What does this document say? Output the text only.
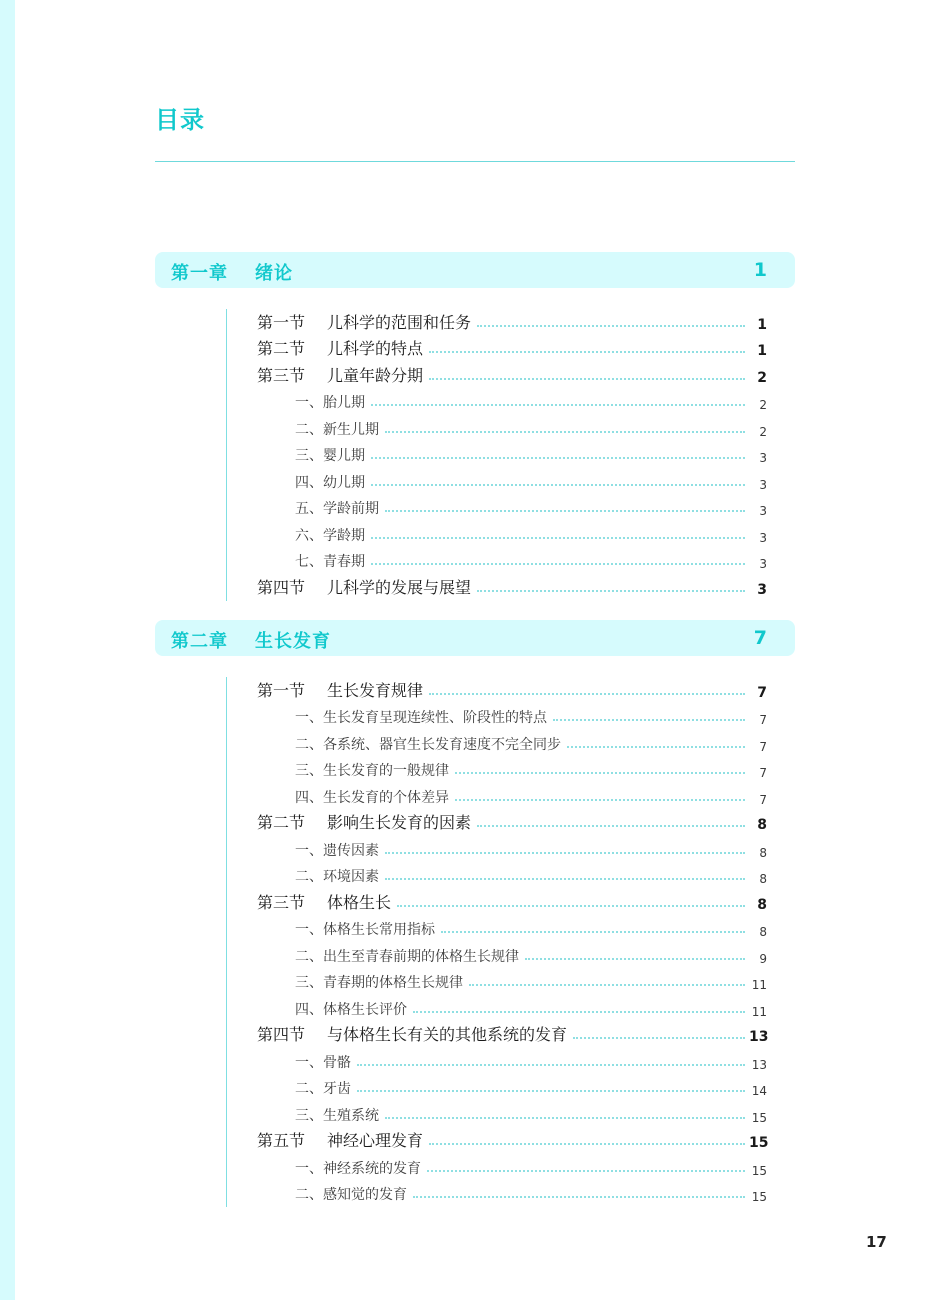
目录
第一章 绪论	1
第一节	儿科学的范围和任务	1
第二节	儿科学的特点	1
第三节	儿童年龄分期	2
一、胎儿期	2
二、新生儿期	2
三、婴儿期	3
四、幼儿期	3
五、学龄前期	3
六、学龄期	3
七、青春期	3
第四节	儿科学的发展与展望	3
第二章 生长发育	7
第一节	生长发育规律	7
一、生长发育呈现连续性、阶段性的特点	7
二、各系统、器官生长发育速度不完全同步	7
三、生长发育的一般规律	7
四、生长发育的个体差异	7
第二节	影响生长发育的因素	8
一、遗传因素	8
二、环境因素	8
第三节	体格生长	8
一、体格生长常用指标	8
二、出生至青春前期的体格生长规律	9
三、青春期的体格生长规律	11
四、体格生长评价	11
第四节	与体格生长有关的其他系统的发育	13
一、骨骼	13
二、牙齿	14
三、生殖系统	15
第五节	神经心理发育	15
一、神经系统的发育	15
二、感知觉的发育	15
17
